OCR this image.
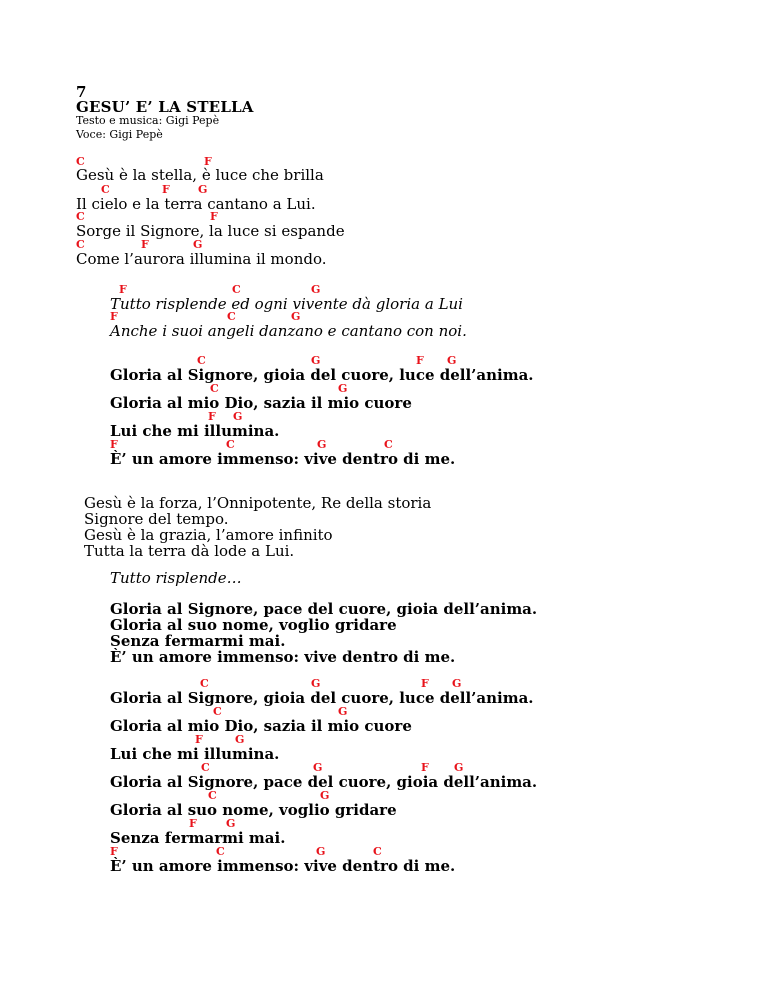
7
GESU’ E’ LA STELLA
Testo e musica: Gigi Pepè
Voce: Gigi Pepè
C	F
Gesù è la stella, è luce che brilla
C	F	G
Il cielo e la terra cantano a Lui.
C	F
Sorge il Signore, la luce si espande
C	F	G
Come l’aurora illumina il mondo.
F	C	G
Tutto risplende ed ogni vivente dà gloria a Lui
F	C	G
Anche i suoi angeli danzano e cantano con noi.
C	G	F G
Gloria al Signore, gioia del cuore, luce dell’anima.
C	G
Gloria al mio Dio, sazia il mio cuore
F G
Lui che mi illumina.
F	C	G	C
È’ un amore immenso: vive dentro di me.
Gesù è la forza, l’Onnipotente, Re della storia
Signore del tempo.
Gesù è la grazia, l’amore infinito
Tutta la terra dà lode a Lui.
Tutto risplende…
Gloria al Signore, pace del cuore, gioia dell’anima.
Gloria al suo nome, voglio gridare
Senza fermarmi mai.
È’ un amore immenso: vive dentro di me.
C	G	F G
Gloria al Signore, gioia del cuore, luce dell’anima.
C	G
Gloria al mio Dio, sazia il mio cuore
F	G
Lui che mi illumina.
C	G	F G
Gloria al Signore, pace del cuore, gioia dell’anima.
C	G
Gloria al suo nome, voglio gridare
F	G
Senza fermarmi mai.
F	C	G	C
È’ un amore immenso: vive dentro di me.
